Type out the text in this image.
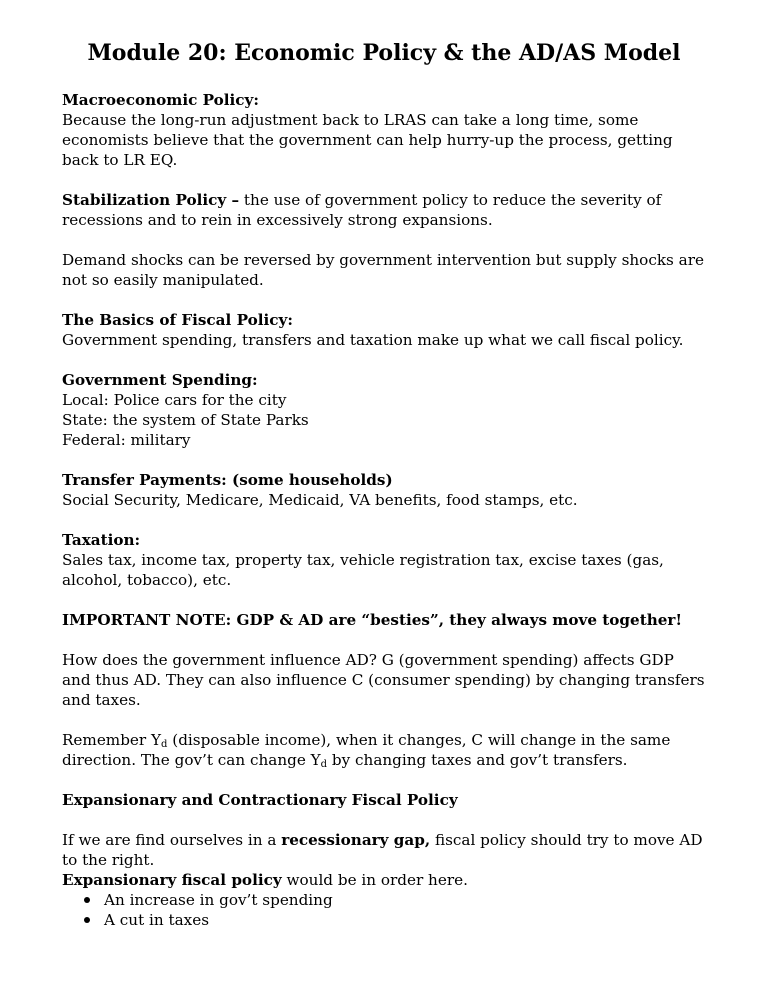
Module 20: Economic Policy & the AD/AS Model
Macroeconomic Policy:
Because the long-run adjustment back to LRAS can take a long time, some economists believe that the government can help hurry-up the process, getting back to LR EQ.
Stabilization Policy – the use of government policy to reduce the severity of recessions and to rein in excessively strong expansions.
Demand shocks can be reversed by government intervention but supply shocks are not so easily manipulated.
The Basics of Fiscal Policy:
Government spending, transfers and taxation make up what we call fiscal policy.
Government Spending:
Local: Police cars for the city
State: the system of State Parks
Federal: military
Transfer Payments: (some households)
Social Security, Medicare, Medicaid, VA benefits, food stamps, etc.
Taxation:
Sales tax, income tax, property tax, vehicle registration tax, excise taxes (gas, alcohol, tobacco), etc.
IMPORTANT NOTE: GDP & AD are “besties”, they always move together!
How does the government influence AD? G (government spending) affects GDP and thus AD. They can also influence C (consumer spending) by changing transfers and taxes.
Remember $Y_d$ (disposable income), when it changes, C will change in the same direction. The gov’t can change $Y_d$ by changing taxes and gov’t transfers.
Expansionary and Contractionary Fiscal Policy
If we are find ourselves in a recessionary gap, fiscal policy should try to move AD to the right.
Expansionary fiscal policy would be in order here.
An increase in gov’t spending
A cut in taxes
